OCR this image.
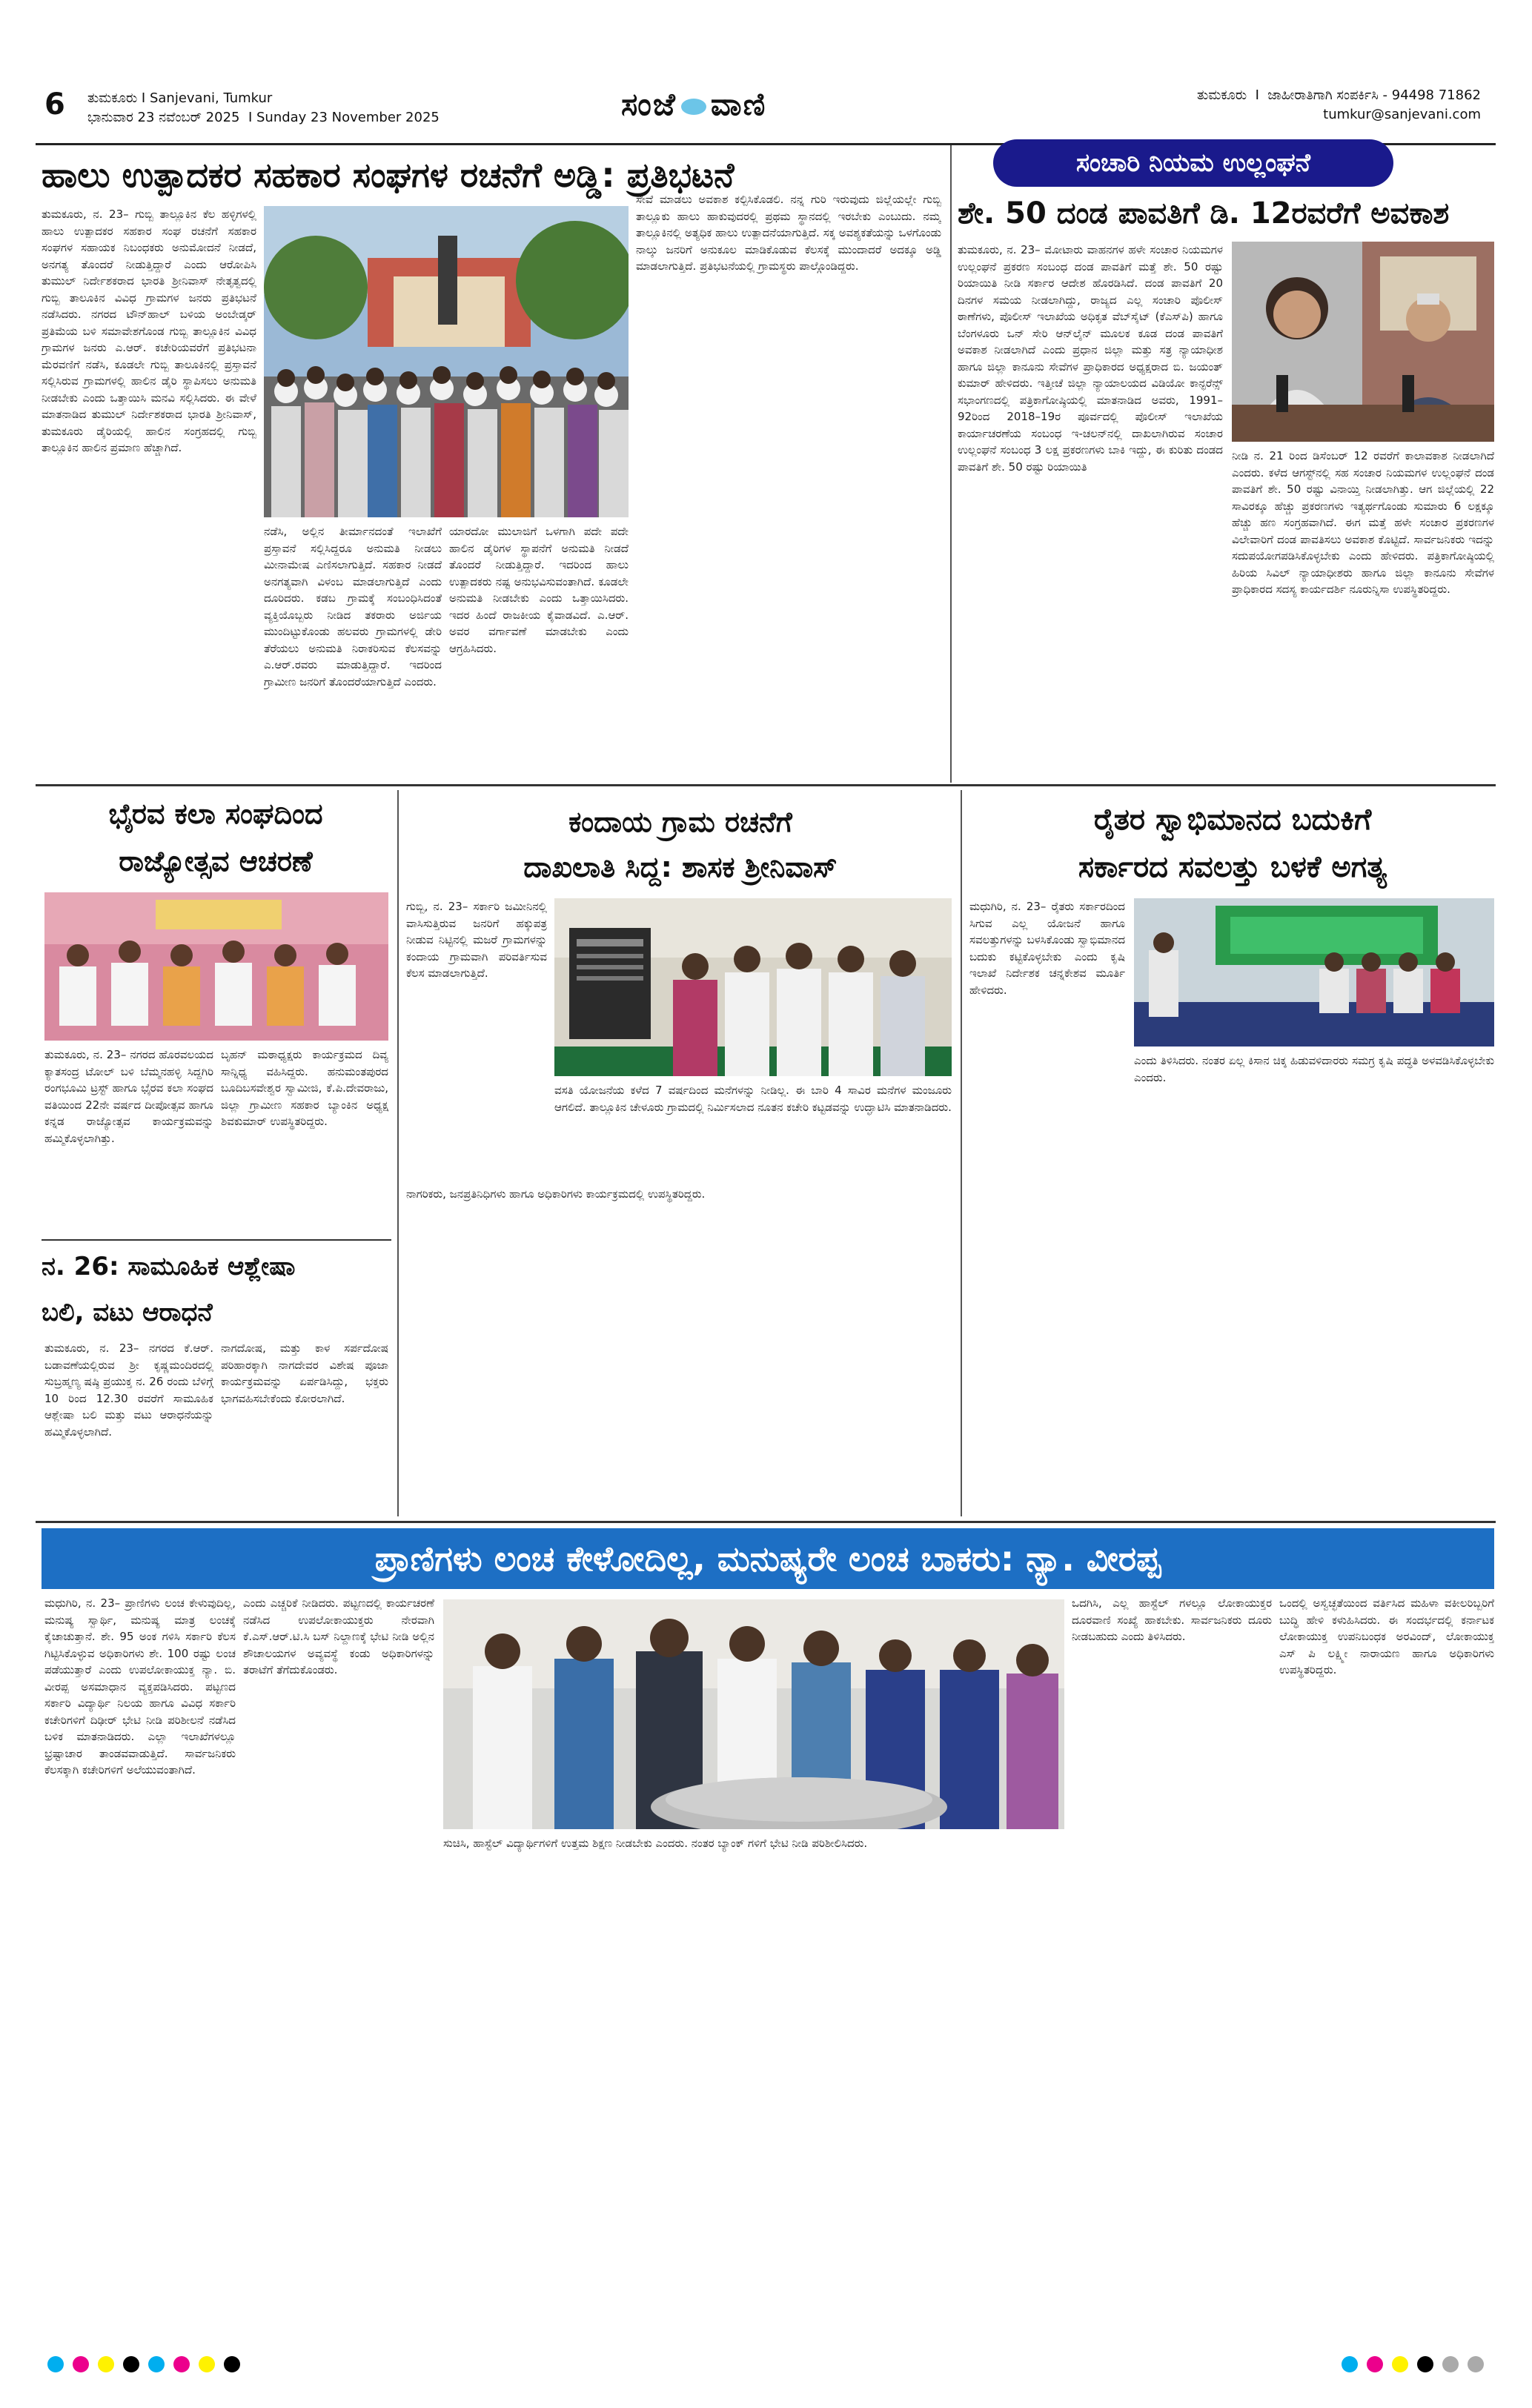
6 ತುಮಕೂರು I Sanjevani, Tumkur
ಭಾನುವಾರ 23 ನವೆಂಬರ್ 2025 I Sunday 23 November 2025	ಸಂಜೆ ವಾಣಿ	ತುಮಕೂರು  I  ಜಾಹೀರಾತಿಗಾಗಿ ಸಂಪರ್ಕಿಸಿ - 94498 71862
tumkur@sanjevani.com
ಹಾಲು ಉತ್ಪಾದಕರ ಸಹಕಾರ ಸಂಘಗಳ ರಚನೆಗೆ ಅಡ್ಡಿ: ಪ್ರತಿಭಟನೆ
ತುಮಕೂರು, ನ. 23– ಗುಬ್ಬಿ ತಾಲ್ಲೂಕಿನ ಕೆಲ ಹಳ್ಳಿಗಳಲ್ಲಿ ಹಾಲು ಉತ್ಪಾದಕರ ಸಹಕಾರ ಸಂಘ ರಚನೆಗೆ ಸಹಕಾರ ಸಂಘಗಳ ಸಹಾಯಕ ನಿಬಂಧಕರು ಅನುಮೋದನೆ ನೀಡದೆ, ಅನಗತ್ಯ ತೊಂದರೆ ನೀಡುತ್ತಿದ್ದಾರೆ ಎಂದು ಆರೋಪಿಸಿ ತುಮುಲ್ ನಿರ್ದೇಶಕರಾದ ಭಾರತಿ ಶ್ರೀನಿವಾಸ್ ನೇತೃತ್ವದಲ್ಲಿ ಗುಬ್ಬಿ ತಾಲೂಕಿನ ವಿವಿಧ ಗ್ರಾಮಗಳ ಜನರು ಪ್ರತಿಭಟನೆ ನಡೆಸಿದರು. ನಗರದ ಟೌನ್‌ಹಾಲ್ ಬಳಿಯ ಅಂಬೇಡ್ಕರ್ ಪ್ರತಿಮೆಯ ಬಳಿ ಸಮಾವೇಶಗೊಂಡ ಗುಬ್ಬಿ ತಾಲ್ಲೂಕಿನ ವಿವಿಧ ಗ್ರಾಮಗಳ ಜನರು ಎ.ಆರ್. ಕಚೇರಿಯವರೆಗೆ ಪ್ರತಿಭಟನಾ ಮೆರವಣಿಗೆ ನಡೆಸಿ, ಕೂಡಲೇ ಗುಬ್ಬಿ ತಾಲೂಕಿನಲ್ಲಿ ಪ್ರಸ್ತಾವನೆ ಸಲ್ಲಿಸಿರುವ ಗ್ರಾಮಗಳಲ್ಲಿ ಹಾಲಿನ ಡೈರಿ ಸ್ಥಾಪಿಸಲು ಅನುಮತಿ ನೀಡಬೇಕು ಎಂದು ಒತ್ತಾಯಿಸಿ ಮನವಿ ಸಲ್ಲಿಸಿದರು. ಈ ವೇಳೆ ಮಾತನಾಡಿದ ತುಮುಲ್ ನಿರ್ದೇಶಕರಾದ ಭಾರತಿ ಶ್ರೀನಿವಾಸ್, ತುಮಕೂರು ಡೈರಿಯಲ್ಲಿ ಹಾಲಿನ ಸಂಗ್ರಹದಲ್ಲಿ ಗುಬ್ಬಿ ತಾಲ್ಲೂಕಿನ ಹಾಲಿನ ಪ್ರಮಾಣ ಹೆಚ್ಚಾಗಿದೆ.
ನಡೆಸಿ, ಅಲ್ಲಿನ ತೀರ್ಮಾನದಂತೆ ಇಲಾಖೆಗೆ ಪ್ರಸ್ತಾವನೆ ಸಲ್ಲಿಸಿದ್ದರೂ ಅನುಮತಿ ನೀಡಲು ಮೀನಾಮೇಷ ಎಣಿಸಲಾಗುತ್ತಿದೆ. ಸಹಕಾರ ನೀಡದೆ ಅನಗತ್ಯವಾಗಿ ವಿಳಂಬ ಮಾಡಲಾಗುತ್ತಿದೆ ಎಂದು ದೂರಿದರು. ಕಡಬ ಗ್ರಾಮಕ್ಕೆ ಸಂಬಂಧಿಸಿದಂತೆ ವ್ಯಕ್ತಿಯೊಬ್ಬರು ನೀಡಿದ ತಕರಾರು ಅರ್ಜಿಯ ಮುಂದಿಟ್ಟುಕೊಂಡು ಹಲವರು ಗ್ರಾಮಗಳಲ್ಲಿ ಡೇರಿ ತೆರೆಯಲು ಅನುಮತಿ ನಿರಾಕರಿಸುವ ಕೆಲಸವನ್ನು ಎ.ಆರ್.ರವರು ಮಾಡುತ್ತಿದ್ದಾರೆ. ಇದರಿಂದ ಗ್ರಾಮೀಣ ಜನರಿಗೆ ತೊಂದರೆಯಾಗುತ್ತಿದೆ ಎಂದರು.
ಯಾರದೋ ಮುಲಾಜಿಗೆ ಒಳಗಾಗಿ ಪದೇ ಪದೇ ಹಾಲಿನ ಡೈರಿಗಳ ಸ್ಥಾಪನೆಗೆ ಅನುಮತಿ ನೀಡದೆ ತೊಂದರೆ ನೀಡುತ್ತಿದ್ದಾರೆ. ಇದರಿಂದ ಹಾಲು ಉತ್ಪಾದಕರು ನಷ್ಟ ಅನುಭವಿಸುವಂತಾಗಿದೆ. ಕೂಡಲೇ ಅನುಮತಿ ನೀಡಬೇಕು ಎಂದು ಒತ್ತಾಯಿಸಿದರು. ಇದರ ಹಿಂದೆ ರಾಜಕೀಯ ಕೈವಾಡವಿದೆ. ಎ.ಆರ್. ಅವರ ವರ್ಗಾವಣೆ ಮಾಡಬೇಕು ಎಂದು ಆಗ್ರಹಿಸಿದರು.
ಸೇವೆ ಮಾಡಲು ಅವಕಾಶ ಕಲ್ಪಿಸಿಕೊಡಲಿ. ನನ್ನ ಗುರಿ ಇರುವುದು ಜಿಲ್ಲೆಯಲ್ಲೇ ಗುಬ್ಬಿ ತಾಲ್ಲೂಕು ಹಾಲು ಹಾಕುವುದರಲ್ಲಿ ಪ್ರಥಮ ಸ್ಥಾನದಲ್ಲಿ ಇರಬೇಕು ಎಂಬುದು. ನಮ್ಮ ತಾಲ್ಲೂಕಿನಲ್ಲಿ ಅತ್ಯಧಿಕ ಹಾಲು ಉತ್ಪಾದನೆಯಾಗುತ್ತಿದೆ. ಸಕ್ಕ ಅವಶ್ಯಕತೆಯನ್ನು ಒಳಗೊಂಡು ನಾಲ್ಕು ಜನರಿಗೆ ಅನುಕೂಲ ಮಾಡಿಕೊಡುವ ಕೆಲಸಕ್ಕೆ ಮುಂದಾದರೆ ಅದಕ್ಕೂ ಅಡ್ಡಿ ಮಾಡಲಾಗುತ್ತಿದೆ. ಪ್ರತಿಭಟನೆಯಲ್ಲಿ ಗ್ರಾಮಸ್ಥರು ಪಾಲ್ಗೊಂಡಿದ್ದರು.
ಸಂಚಾರಿ ನಿಯಮ ಉಲ್ಲಂಘನೆ
ಶೇ. 50 ದಂಡ ಪಾವತಿಗೆ ಡಿ. 12ರವರೆಗೆ ಅವಕಾಶ
ತುಮಕೂರು, ನ. 23– ಮೋಟಾರು ವಾಹನಗಳ ಹಳೇ ಸಂಚಾರ ನಿಯಮಗಳ ಉಲ್ಲಂಘನೆ ಪ್ರಕರಣ ಸಂಬಂಧ ದಂಡ ಪಾವತಿಗೆ ಮತ್ತೆ ಶೇ. 50 ರಷ್ಟು ರಿಯಾಯಿತಿ ನೀಡಿ ಸರ್ಕಾರ ಆದೇಶ ಹೊರಡಿಸಿದೆ. ದಂಡ ಪಾವತಿಗೆ 20 ದಿನಗಳ ಸಮಯ ನೀಡಲಾಗಿದ್ದು, ರಾಜ್ಯದ ಎಲ್ಲ ಸಂಚಾರಿ ಪೊಲೀಸ್ ಠಾಣೆಗಳು, ಪೊಲೀಸ್ ಇಲಾಖೆಯ ಅಧಿಕೃತ ವೆಬ್‌ಸೈಟ್ (ಕೆಎಸ್‌ಪಿ) ಹಾಗೂ ಬೆಂಗಳೂರು ಒನ್ ಸೇರಿ ಆನ್‌ಲೈನ್ ಮೂಲಕ ಕೂಡ ದಂಡ ಪಾವತಿಗೆ ಅವಕಾಶ ನೀಡಲಾಗಿದೆ ಎಂದು ಪ್ರಧಾನ ಜಿಲ್ಲಾ ಮತ್ತು ಸತ್ರ ನ್ಯಾಯಾಧೀಶ ಹಾಗೂ ಜಿಲ್ಲಾ ಕಾನೂನು ಸೇವೆಗಳ ಪ್ರಾಧಿಕಾರದ ಅಧ್ಯಕ್ಷರಾದ ಬಿ. ಜಯಂತ್ ಕುಮಾರ್ ಹೇಳಿದರು. ಇತ್ತೀಚೆ ಜಿಲ್ಲಾ ನ್ಯಾಯಾಲಯದ ವಿಡಿಯೋ ಕಾನ್ಫರೆನ್ಸ್ ಸಭಾಂಗಣದಲ್ಲಿ ಪತ್ರಿಕಾಗೋಷ್ಠಿಯಲ್ಲಿ ಮಾತನಾಡಿದ ಅವರು, 1991–92ರಿಂದ 2018–19ರ ಪೂರ್ವದಲ್ಲಿ ಪೊಲೀಸ್ ಇಲಾಖೆಯ ಕಾರ್ಯಾಚರಣೆಯ ಸಂಬಂಧ ಇ-ಚಲನ್‌ನಲ್ಲಿ ದಾಖಲಾಗಿರುವ ಸಂಚಾರ ಉಲ್ಲಂಘನೆ ಸಂಬಂಧ 3 ಲಕ್ಷ ಪ್ರಕರಣಗಳು ಬಾಕಿ ಇದ್ದು, ಈ ಕುರಿತು ದಂಡದ ಪಾವತಿಗೆ ಶೇ. 50 ರಷ್ಟು ರಿಯಾಯಿತಿ
ನೀಡಿ ನ. 21 ರಿಂದ ಡಿಸೆಂಬರ್ 12 ರವರೆಗೆ ಕಾಲಾವಕಾಶ ನೀಡಲಾಗಿದೆ ಎಂದರು. ಕಳೆದ ಆಗಸ್ಟ್‌ನಲ್ಲಿ ಸಹ ಸಂಚಾರ ನಿಯಮಗಳ ಉಲ್ಲಂಘನೆ ದಂಡ ಪಾವತಿಗೆ ಶೇ. 50 ರಷ್ಟು ವಿನಾಯ್ತಿ ನೀಡಲಾಗಿತ್ತು. ಆಗ ಜಿಲ್ಲೆಯಲ್ಲಿ 22 ಸಾವಿರಕ್ಕೂ ಹೆಚ್ಚು ಪ್ರಕರಣಗಳು ಇತ್ಯರ್ಥಗೊಂಡು ಸುಮಾರು 6 ಲಕ್ಷಕ್ಕೂ ಹೆಚ್ಚು ಹಣ ಸಂಗ್ರಹವಾಗಿದೆ. ಈಗ ಮತ್ತೆ ಹಳೇ ಸಂಚಾರ ಪ್ರಕರಣಗಳ ವಿಲೇವಾರಿಗೆ ದಂಡ ಪಾವತಿಸಲು ಅವಕಾಶ ಕೊಟ್ಟಿದೆ. ಸಾರ್ವಜನಿಕರು ಇದನ್ನು ಸದುಪಯೋಗಪಡಿಸಿಕೊಳ್ಳಬೇಕು ಎಂದು ಹೇಳಿದರು. ಪತ್ರಿಕಾಗೋಷ್ಠಿಯಲ್ಲಿ ಹಿರಿಯ ಸಿವಿಲ್ ನ್ಯಾಯಾಧೀಶರು ಹಾಗೂ ಜಿಲ್ಲಾ ಕಾನೂನು ಸೇವೆಗಳ ಪ್ರಾಧಿಕಾರದ ಸದಸ್ಯ ಕಾರ್ಯದರ್ಶಿ ನೂರುನ್ನಿಸಾ ಉಪಸ್ಥಿತರಿದ್ದರು.
ಭೈರವ ಕಲಾ ಸಂಘದಿಂದ
ರಾಜ್ಯೋತ್ಸವ ಆಚರಣೆ
ತುಮಕೂರು, ನ. 23– ನಗರದ ಹೊರವಲಯದ ಕ್ಯಾತಸಂದ್ರ ಟೋಲ್ ಬಳಿ ಬೆಮ್ಮನಹಳ್ಳಿ ಸಿದ್ದಗಿರಿ ರಂಗಭೂಮಿ ಟ್ರಸ್ಟ್ ಹಾಗೂ ಭೈರವ ಕಲಾ ಸಂಘದ ವತಿಯಿಂದ 22ನೇ ವರ್ಷದ ದೀಪೋತ್ಸವ ಹಾಗೂ ಕನ್ನಡ ರಾಜ್ಯೋತ್ಸವ ಕಾರ್ಯಕ್ರಮವನ್ನು ಹಮ್ಮಿಕೊಳ್ಳಲಾಗಿತ್ತು.
ಬೃಹನ್ ಮಠಾಧ್ಯಕ್ಷರು ಕಾರ್ಯಕ್ರಮದ ದಿವ್ಯ ಸಾನ್ನಿಧ್ಯ ವಹಿಸಿದ್ದರು. ಹನುಮಂತಪುರದ ಬೂದಿಬಸವೇಶ್ವರ ಸ್ವಾಮೀಜಿ, ಕೆ.ಪಿ.ದೇವರಾಜು, ಜಿಲ್ಲಾ ಗ್ರಾಮೀಣ ಸಹಕಾರ ಬ್ಯಾಂಕಿನ ಅಧ್ಯಕ್ಷ ಶಿವಕುಮಾರ್ ಉಪಸ್ಥಿತರಿದ್ದರು.
ನ. 26: ಸಾಮೂಹಿಕ ಆಶ್ಲೇಷಾ
ಬಲಿ, ವಟು ಆರಾಧನೆ
ತುಮಕೂರು, ನ. 23– ನಗರದ ಕೆ.ಆರ್. ಬಡಾವಣೆಯಲ್ಲಿರುವ ಶ್ರೀ ಕೃಷ್ಣಮಂದಿರದಲ್ಲಿ ಸುಬ್ರಹ್ಮಣ್ಯ ಷಷ್ಠಿ ಪ್ರಯುಕ್ತ ನ. 26 ರಂದು ಬೆಳಿಗ್ಗೆ 10 ರಿಂದ 12.30 ರವರೆಗೆ ಸಾಮೂಹಿಕ ಆಶ್ಲೇಷಾ ಬಲಿ ಮತ್ತು ವಟು ಆರಾಧನೆಯನ್ನು ಹಮ್ಮಿಕೊಳ್ಳಲಾಗಿದೆ.
ನಾಗದೋಷ, ಮತ್ತು ಕಾಳ ಸರ್ಪದೋಷ ಪರಿಹಾರಕ್ಕಾಗಿ ನಾಗದೇವರ ವಿಶೇಷ ಪೂಜಾ ಕಾರ್ಯಕ್ರಮವನ್ನು ಏರ್ಪಡಿಸಿದ್ದು, ಭಕ್ತರು ಭಾಗವಹಿಸಬೇಕೆಂದು ಕೋರಲಾಗಿದೆ.
ಕಂದಾಯ ಗ್ರಾಮ ರಚನೆಗೆ
ದಾಖಲಾತಿ ಸಿದ್ದ: ಶಾಸಕ ಶ್ರೀನಿವಾಸ್
ಗುಬ್ಬಿ, ನ. 23– ಸರ್ಕಾರಿ ಜಮೀನಿನಲ್ಲಿ ವಾಸಿಸುತ್ತಿರುವ ಜನರಿಗೆ ಹಕ್ಕುಪತ್ರ ನೀಡುವ ನಿಟ್ಟಿನಲ್ಲಿ ಮಜರೆ ಗ್ರಾಮಗಳನ್ನು ಕಂದಾಯ ಗ್ರಾಮವಾಗಿ ಪರಿವರ್ತಿಸುವ ಕೆಲಸ ಮಾಡಲಾಗುತ್ತಿದೆ.
ವಸತಿ ಯೋಜನೆಯ ಕಳೆದ 7 ವರ್ಷದಿಂದ ಮನೆಗಳನ್ನು ನೀಡಿಲ್ಲ. ಈ ಬಾರಿ 4 ಸಾವಿರ ಮನೆಗಳ ಮಂಜೂರು ಆಗಲಿದೆ. ತಾಲ್ಲೂಕಿನ ಚೇಳೂರು ಗ್ರಾಮದಲ್ಲಿ ನಿರ್ಮಿಸಲಾದ ನೂತನ ಕಚೇರಿ ಕಟ್ಟಡವನ್ನು ಉದ್ಘಾಟಿಸಿ ಮಾತನಾಡಿದರು.
ನಾಗರಿಕರು, ಜನಪ್ರತಿನಿಧಿಗಳು ಹಾಗೂ ಅಧಿಕಾರಿಗಳು ಕಾರ್ಯಕ್ರಮದಲ್ಲಿ ಉಪಸ್ಥಿತರಿದ್ದರು.
ರೈತರ ಸ್ವಾಭಿಮಾನದ ಬದುಕಿಗೆ
ಸರ್ಕಾರದ ಸವಲತ್ತು ಬಳಕೆ ಅಗತ್ಯ
ಮಧುಗಿರಿ, ನ. 23– ರೈತರು ಸರ್ಕಾರದಿಂದ ಸಿಗುವ ಎಲ್ಲ ಯೋಜನೆ ಹಾಗೂ ಸವಲತ್ತುಗಳನ್ನು ಬಳಸಿಕೊಂಡು ಸ್ವಾಭಿಮಾನದ ಬದುಕು ಕಟ್ಟಿಕೊಳ್ಳಬೇಕು ಎಂದು ಕೃಷಿ ಇಲಾಖೆ ನಿರ್ದೇಶಕ ಚನ್ನಕೇಶವ ಮೂರ್ತಿ ಹೇಳಿದರು.
ಎಂದು ತಿಳಿಸಿದರು. ನಂತರ ಏಲ್ಲ ಕಿಸಾನ ಚಿಕ್ಕ ಹಿಡುವಳಿದಾರರು ಸಮಗ್ರ ಕೃಷಿ ಪದ್ಧತಿ ಅಳವಡಿಸಿಕೊಳ್ಳಬೇಕು ಎಂದರು.
ಪ್ರಾಣಿಗಳು ಲಂಚ ಕೇಳೋದಿಲ್ಲ, ಮನುಷ್ಯರೇ ಲಂಚ ಬಾಕರು: ನ್ಯಾ. ವೀರಪ್ಪ
ಮಧುಗಿರಿ, ನ. 23– ಪ್ರಾಣಿಗಳು ಲಂಚ ಕೇಳುವುದಿಲ್ಲ, ಮನುಷ್ಯ ಸ್ವಾರ್ಥಿ, ಮನುಷ್ಯ ಮಾತ್ರ ಲಂಚಕ್ಕೆ ಕೈಚಾಚುತ್ತಾನೆ. ಶೇ. 95 ಅಂಕ ಗಳಿಸಿ ಸರ್ಕಾರಿ ಕೆಲಸ ಗಿಟ್ಟಿಸಿಕೊಳ್ಳುವ ಅಧಿಕಾರಿಗಳು ಶೇ. 100 ರಷ್ಟು ಲಂಚ ಪಡೆಯುತ್ತಾರೆ ಎಂದು ಉಪಲೋಕಾಯುಕ್ತ ನ್ಯಾ. ಬಿ. ವೀರಪ್ಪ ಅಸಮಾಧಾನ ವ್ಯಕ್ತಪಡಿಸಿದರು. ಪಟ್ಟಣದ ಸರ್ಕಾರಿ ವಿದ್ಯಾರ್ಥಿ ನಿಲಯ ಹಾಗೂ ವಿವಿಧ ಸರ್ಕಾರಿ ಕಚೇರಿಗಳಿಗೆ ದಿಢೀರ್ ಭೇಟಿ ನೀಡಿ ಪರಿಶೀಲನೆ ನಡೆಸಿದ ಬಳಿಕ ಮಾತನಾಡಿದರು. ಎಲ್ಲಾ ಇಲಾಖೆಗಳಲ್ಲೂ ಭ್ರಷ್ಟಾಚಾರ ತಾಂಡವವಾಡುತ್ತಿದೆ. ಸಾರ್ವಜನಿಕರು ಕೆಲಸಕ್ಕಾಗಿ ಕಚೇರಿಗಳಿಗೆ ಅಲೆಯುವಂತಾಗಿದೆ.
ಎಂದು ಎಚ್ಚರಿಕೆ ನೀಡಿದರು. ಪಟ್ಟಣದಲ್ಲಿ ಕಾರ್ಯಚರಣೆ ನಡೆಸಿದ ಉಪಲೋಕಾಯುಕ್ತರು ನೇರವಾಗಿ ಕೆ.ಎಸ್.ಆರ್.ಟಿ.ಸಿ ಬಸ್ ನಿಲ್ದಾಣಕ್ಕೆ ಭೇಟಿ ನೀಡಿ ಅಲ್ಲಿನ ಶೌಚಾಲಯಗಳ ಅವ್ಯವಸ್ಥೆ ಕಂಡು ಅಧಿಕಾರಿಗಳನ್ನು ತರಾಟೆಗೆ ತೆಗೆದುಕೊಂಡರು.
ಸುಚಿಸಿ, ಹಾಸ್ಟೆಲ್ ವಿದ್ಯಾರ್ಥಿಗಳಿಗೆ ಉತ್ತಮ ಶಿಕ್ಷಣ ನೀಡಬೇಕು ಎಂದರು. ನಂತರ ಬ್ಯಾಂಕ್ ಗಳಿಗೆ ಭೇಟಿ ನೀಡಿ ಪರಿಶೀಲಿಸಿದರು.
ಒದಗಿಸಿ, ಎಲ್ಲ ಹಾಸ್ಟೆಲ್ ಗಳಲ್ಲೂ ಲೋಕಾಯುಕ್ತರ ದೂರವಾಣಿ ಸಂಖ್ಯೆ ಹಾಕಬೇಕು. ಸಾರ್ವಜನಿಕರು ದೂರು ನೀಡಬಹುದು ಎಂದು ತಿಳಿಸಿದರು.
ಒಂದಲ್ಲಿ ಅಸ್ವಚ್ಛತೆಯಿಂದ ವರ್ತಿಸಿದ ಮಹಿಳಾ ವಕೀಲರಿಬ್ಬರಿಗೆ ಬುದ್ಧಿ ಹೇಳಿ ಕಳುಹಿಸಿದರು. ಈ ಸಂದರ್ಭದಲ್ಲಿ ಕರ್ನಾಟಕ ಲೋಕಾಯುಕ್ತ ಉಪನಿಬಂಧಕ ಅರವಿಂದ್, ಲೋಕಾಯುಕ್ತ ಎಸ್ ಪಿ ಲಕ್ಷ್ಮೀ ನಾರಾಯಣ ಹಾಗೂ ಅಧಿಕಾರಿಗಳು ಉಪಸ್ಥಿತರಿದ್ದರು.
